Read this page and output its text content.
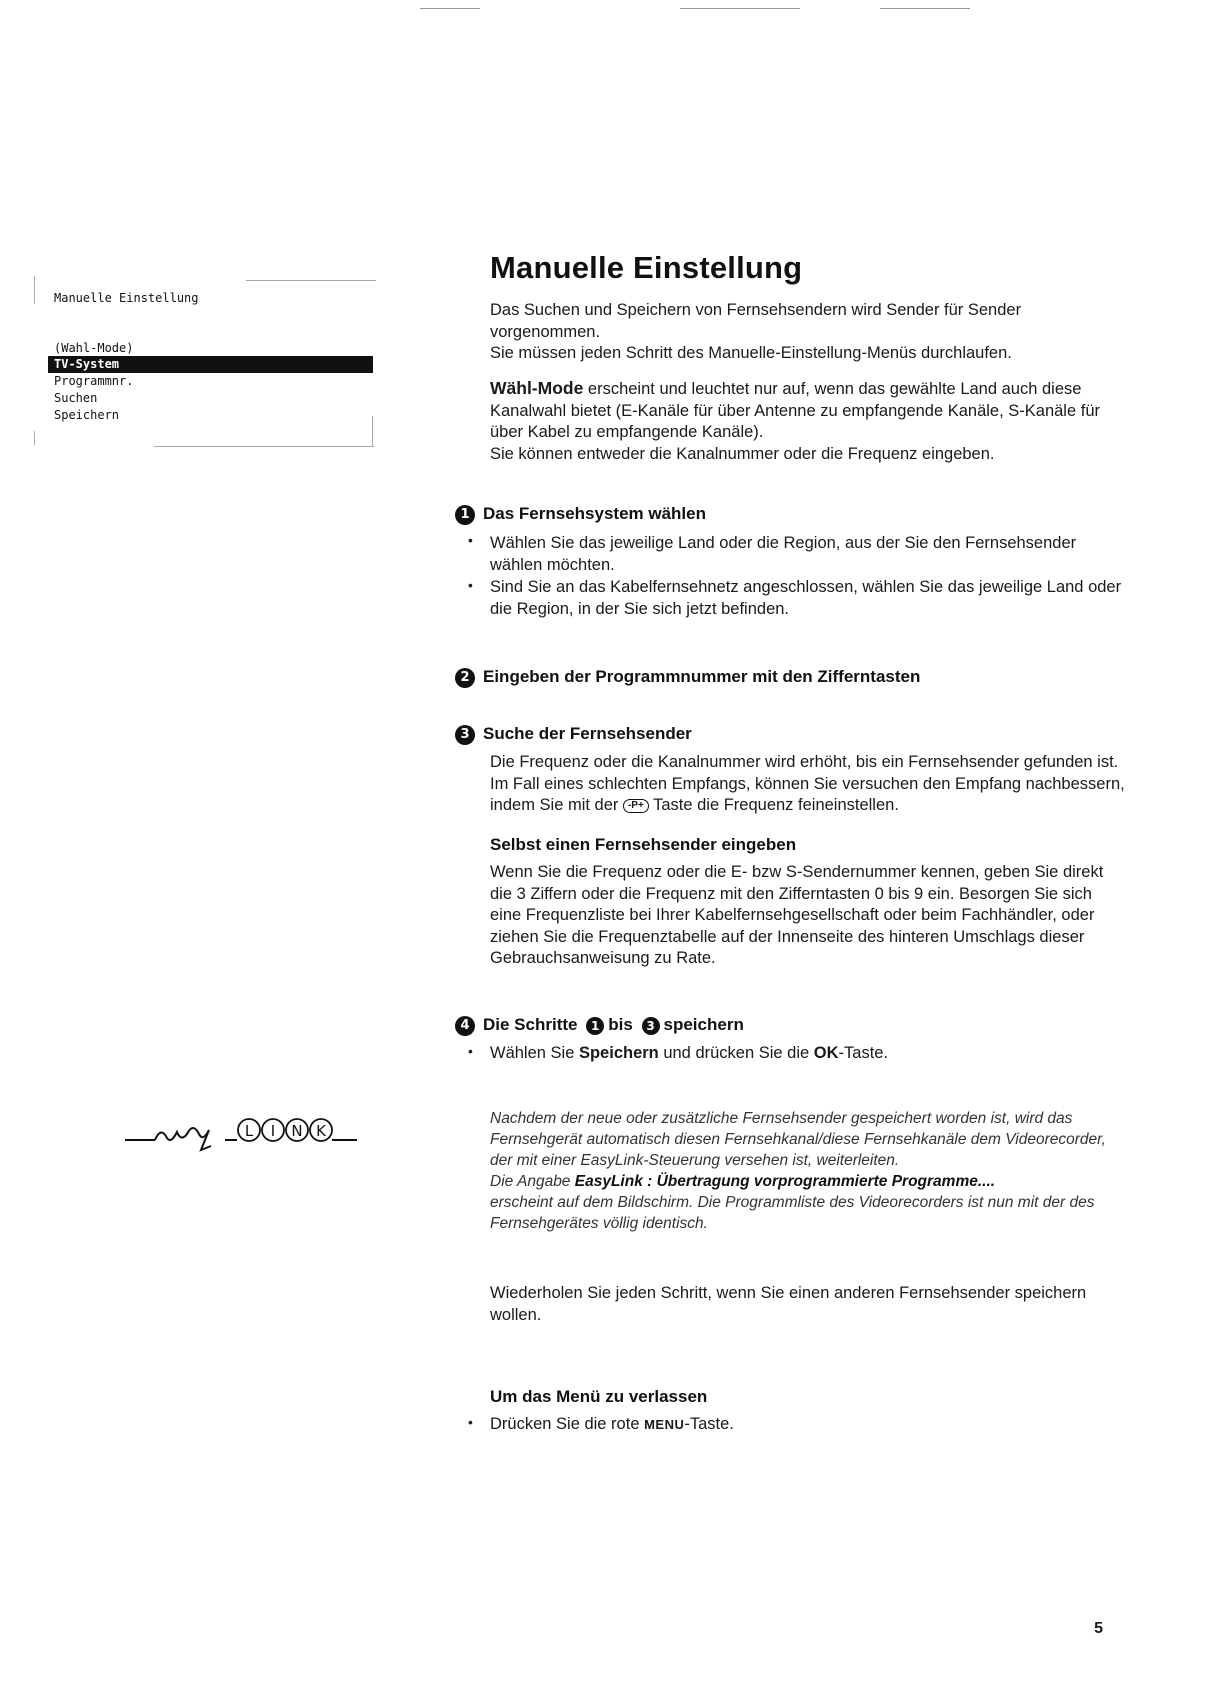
Manuelle Einstellung
(Wahl-Mode)
TV-System
Programmnr.
Suchen
Speichern
Manuelle Einstellung

Das Suchen und Speichern von Fernsehsendern wird Sender für Sender vorgenommen.

Sie müssen jeden Schritt des Manuelle-Einstellung-Menüs durchlaufen.

Wähl-Mode erscheint und leuchtet nur auf, wenn das gewählte Land auch diese Kanalwahl bietet (E-Kanäle für über Antenne zu empfangende Kanäle, S-Kanäle für über Kabel zu empfangende Kanäle).

Sie können entweder die Kanalnummer oder die Frequenz eingeben.

1 Das Fernsehsystem wählen
• Wählen Sie das jeweilige Land oder die Region, aus der Sie den Fernsehsender wählen möchten.
• Sind Sie an das Kabelfernsehnetz angeschlossen, wählen Sie das jeweilige Land oder die Region, in der Sie sich jetzt befinden.
2 Eingeben der Programmnummer mit den Zifferntasten
3 Suche der Fernsehsender
Die Frequenz oder die Kanalnummer wird erhöht, bis ein Fernsehsender gefunden ist. Im Fall eines schlechten Empfangs, können Sie versuchen den Empfang nachbessern, indem Sie mit der -P+ Taste die Frequenz feineinstellen.
Selbst einen Fernsehsender eingeben
Wenn Sie die Frequenz oder die E- bzw S-Sendernummer kennen, geben Sie direkt die 3 Ziffern oder die Frequenz mit den Zifferntasten 0 bis 9 ein. Besorgen Sie sich eine Frequenzliste bei Ihrer Kabelfernsehgesellschaft oder beim Fachhändler, oder ziehen Sie die Frequenztabelle auf der Innenseite des hinteren Umschlags dieser Gebrauchsanweisung zu Rate.
4 Die Schritte 1 bis 3 speichern
• Wählen Sie Speichern und drücken Sie die OK-Taste.
L I N K

Nachdem der neue oder zusätzliche Fernsehsender gespeichert worden ist, wird das Fernsehgerät automatisch diesen Fernsehkanal/diese Fernsehkanäle dem Videorecorder, der mit einer EasyLink-Steuerung versehen ist, weiterleiten.

Die Angabe EasyLink : Übertragung vorprogrammierte Programme....

erscheint auf dem Bildschirm. Die Programmliste des Videorecorders ist nun mit der des Fernsehgerätes völlig identisch.

Wiederholen Sie jeden Schritt, wenn Sie einen anderen Fernsehsender speichern wollen.
Um das Menü zu verlassen
• Drücken Sie die rote MENU-Taste.
5
